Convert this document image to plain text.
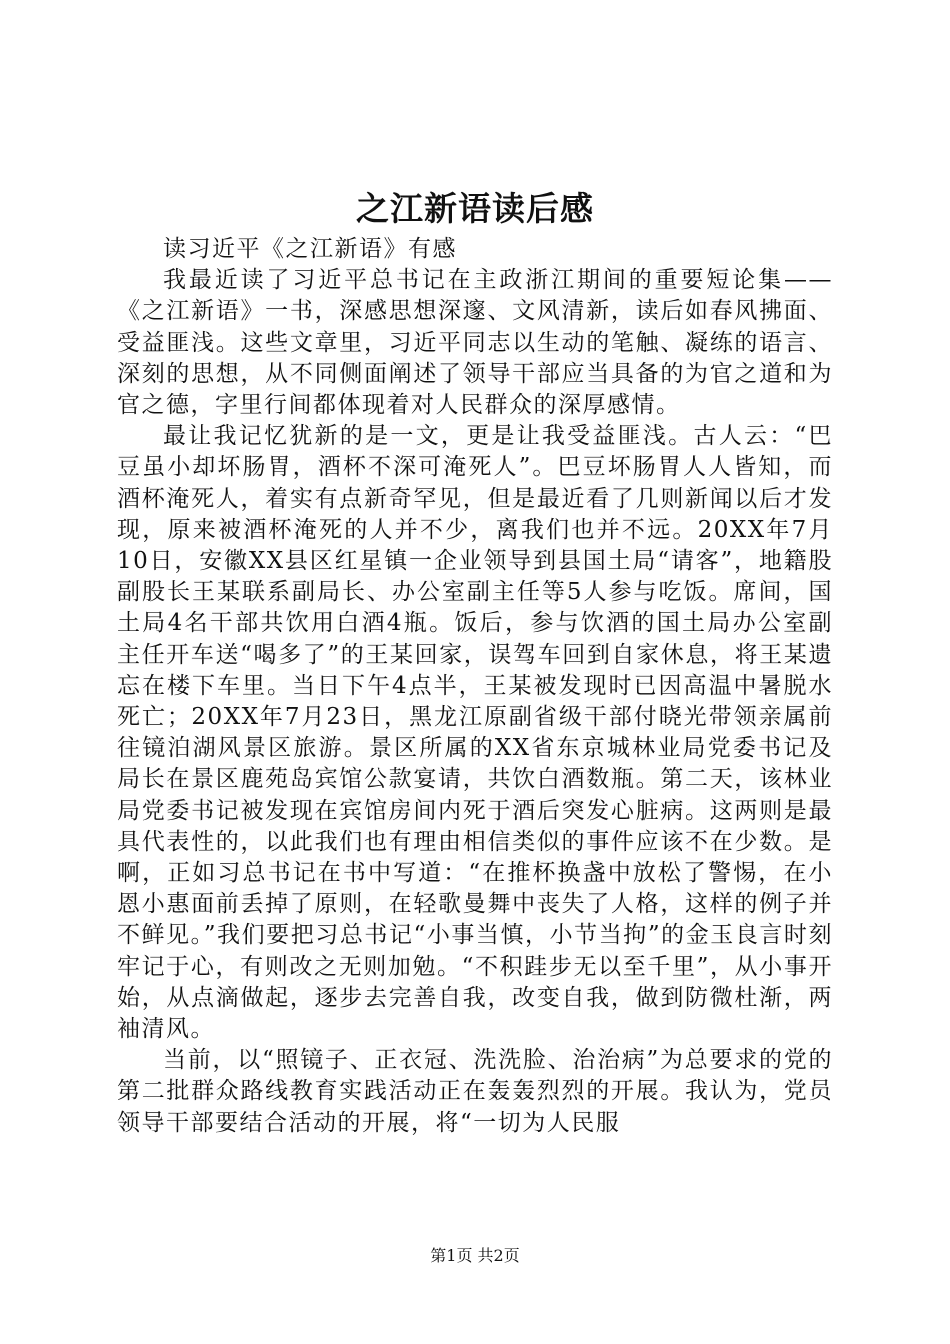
之江新语读后感

读习近平《之江新语》有感

我最近读了习近平总书记在主政浙江期间的重要短论集——《之江新语》一书，深感思想深邃、文风清新，读后如春风拂面、受益匪浅。这些文章里，习近平同志以生动的笔触、凝练的语言、深刻的思想，从不同侧面阐述了领导干部应当具备的为官之道和为官之德，字里行间都体现着对人民群众的深厚感情。

最让我记忆犹新的是一文，更是让我受益匪浅。古人云：“巴豆虽小却坏肠胃，酒杯不深可淹死人”。巴豆坏肠胃人人皆知，而酒杯淹死人，着实有点新奇罕见，但是最近看了几则新闻以后才发现，原来被酒杯淹死的人并不少，离我们也并不远。20XX年7月10日，安徽XX县区红星镇一企业领导到县国土局“请客”，地籍股副股长王某联系副局长、办公室副主任等5人参与吃饭。席间，国土局4名干部共饮用白酒4瓶。饭后，参与饮酒的国土局办公室副主任开车送“喝多了”的王某回家，误驾车回到自家休息，将王某遗忘在楼下车里。当日下午4点半，王某被发现时已因高温中暑脱水死亡；20XX年7月23日，黑龙江原副省级干部付晓光带领亲属前往镜泊湖风景区旅游。景区所属的XX省东京城林业局党委书记及局长在景区鹿苑岛宾馆公款宴请，共饮白酒数瓶。第二天，该林业局党委书记被发现在宾馆房间内死于酒后突发心脏病。这两则是最具代表性的，以此我们也有理由相信类似的事件应该不在少数。是啊，正如习总书记在书中写道：“在推杯换盏中放松了警惕，在小恩小惠面前丢掉了原则，在轻歌曼舞中丧失了人格，这样的例子并不鲜见。”我们要把习总书记“小事当慎，小节当拘”的金玉良言时刻牢记于心，有则改之无则加勉。“不积跬步无以至千里”，从小事开始，从点滴做起，逐步去完善自我，改变自我，做到防微杜渐，两袖清风。

当前，以“照镜子、正衣冠、洗洗脸、治治病”为总要求的党的第二批群众路线教育实践活动正在轰轰烈烈的开展。我认为，党员领导干部要结合活动的开展，将“一切为人民服

第1页 共2页
